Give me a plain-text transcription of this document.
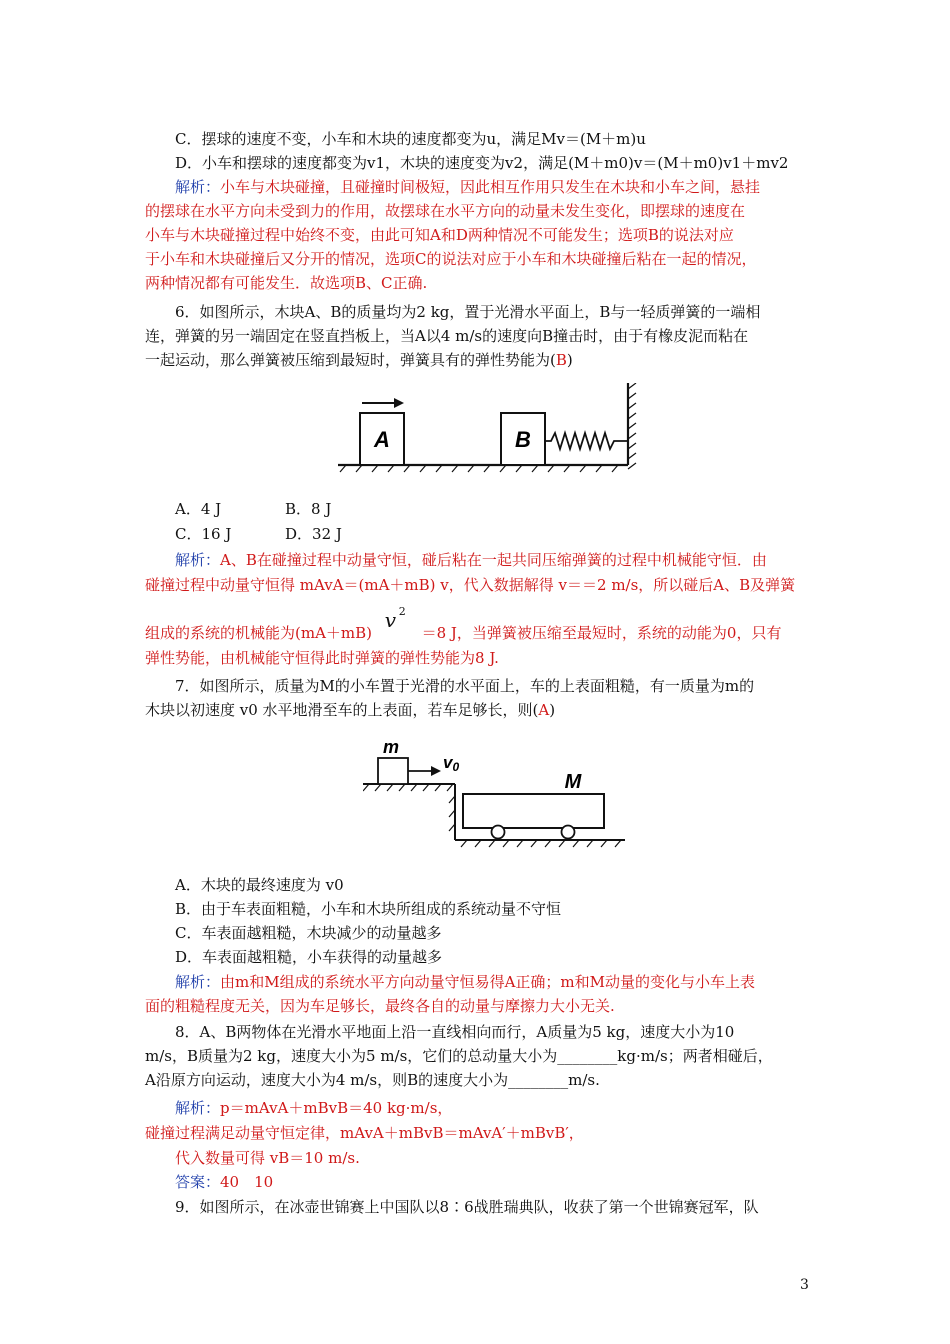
C．摆球的速度不变，小车和木块的速度都变为u，满足Mv＝(M＋m)u
D．小车和摆球的速度都变为v1，木块的速度变为v2，满足(M＋m0)v＝(M＋m0)v1＋mv2
解析：小车与木块碰撞，且碰撞时间极短，因此相互作用只发生在木块和小车之间，悬挂
的摆球在水平方向未受到力的作用，故摆球在水平方向的动量未发生变化，即摆球的速度在
小车与木块碰撞过程中始终不变，由此可知A和D两种情况不可能发生；选项B的说法对应
于小车和木块碰撞后又分开的情况，选项C的说法对应于小车和木块碰撞后粘在一起的情况，
两种情况都有可能发生．故选项B、C正确.
6．如图所示，木块A、B的质量均为2 kg，置于光滑水平面上，B与一轻质弹簧的一端相
连，弹簧的另一端固定在竖直挡板上，当A以4 m/s的速度向B撞击时，由于有橡皮泥而粘在
一起运动，那么弹簧被压缩到最短时，弹簧具有的弹性势能为(B)
A	B
A．4 J	B．8 J
C．16 J	D．32 J
解析：A、B在碰撞过程中动量守恒，碰后粘在一起共同压缩弹簧的过程中机械能守恒．由
碰撞过程中动量守恒得 mAvA＝(mA＋mB) v，代入数据解得 v＝＝2 m/s，所以碰后A、B及弹簧
组成的系统的机械能为(mA＋mB)
v 2
＝8 J，当弹簧被压缩至最短时，系统的动能为0，只有
弹性势能，由机械能守恒得此时弹簧的弹性势能为8 J.
7．如图所示，质量为M的小车置于光滑的水平面上，车的上表面粗糙，有一质量为m的
木块以初速度 v0 水平地滑至车的上表面，若车足够长，则(A)
m
v0
M
A．木块的最终速度为 v0
B．由于车表面粗糙，小车和木块所组成的系统动量不守恒
C．车表面越粗糙，木块减少的动量越多
D．车表面越粗糙，小车获得的动量越多
解析：由m和M组成的系统水平方向动量守恒易得A正确；m和M动量的变化与小车上表
面的粗糙程度无关，因为车足够长，最终各自的动量与摩擦力大小无关.
8．A、B两物体在光滑水平地面上沿一直线相向而行，A质量为5 kg，速度大小为10
m/s，B质量为2 kg，速度大小为5 m/s，它们的总动量大小为________kg·m/s；两者相碰后，
A沿原方向运动，速度大小为4 m/s，则B的速度大小为________m/s.
解析：p＝mAvA＋mBvB＝40 kg·m/s，
碰撞过程满足动量守恒定律，mAvA＋mBvB＝mAvA′＋mBvB′，
代入数量可得 vB＝10 m/s.
答案：40　10
9．如图所示，在冰壶世锦赛上中国队以8∶6战胜瑞典队，收获了第一个世锦赛冠军，队
3
